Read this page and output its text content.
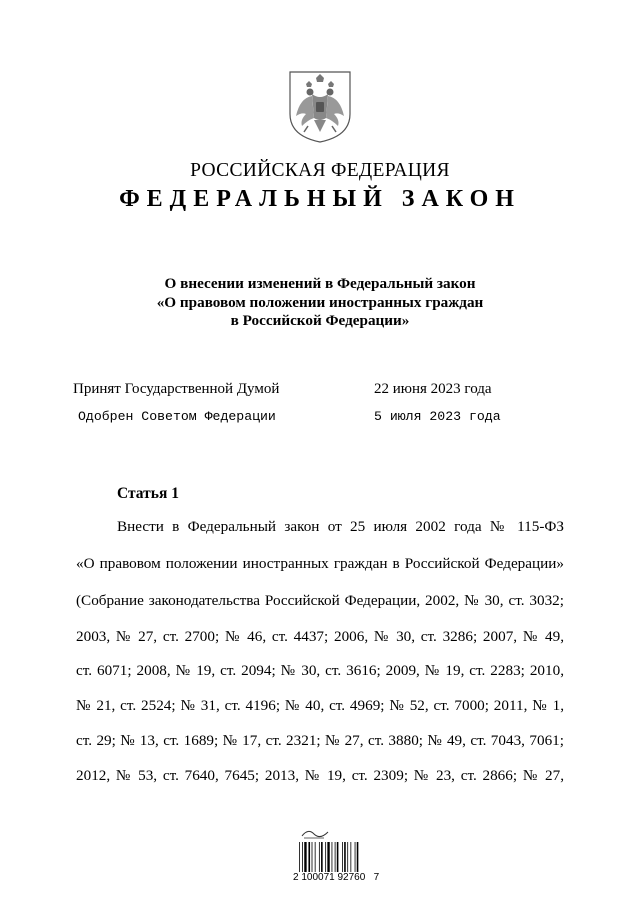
РОССИЙСКАЯ ФЕДЕРАЦИЯ
ФЕДЕРАЛЬНЫЙ ЗАКОН
О внесении изменений в Федеральный закон
«О правовом положении иностранных граждан
в Российской Федерации»
Принят Государственной Думой	22 июня 2023 года
Одобрен Советом Федерации	5 июля 2023 года
Статья 1
Внести в Федеральный закон от 25 июля 2002 года № 115-ФЗ
«О правовом положении иностранных граждан в Российской Федерации»
(Собрание законодательства Российской Федерации, 2002, № 30, ст. 3032;
2003, № 27, ст. 2700; № 46, ст. 4437; 2006, № 30, ст. 3286; 2007, № 49,
ст. 6071; 2008, № 19, ст. 2094; № 30, ст. 3616; 2009, № 19, ст. 2283; 2010,
№ 21, ст. 2524; № 31, ст. 4196; № 40, ст. 4969; № 52, ст. 7000; 2011, № 1,
ст. 29; № 13, ст. 1689; № 17, ст. 2321; № 27, ст. 3880; № 49, ст. 7043, 7061;
2012, № 53, ст. 7640, 7645; 2013, № 19, ст. 2309; № 23, ст. 2866; № 27,
2 100071 92760   7
